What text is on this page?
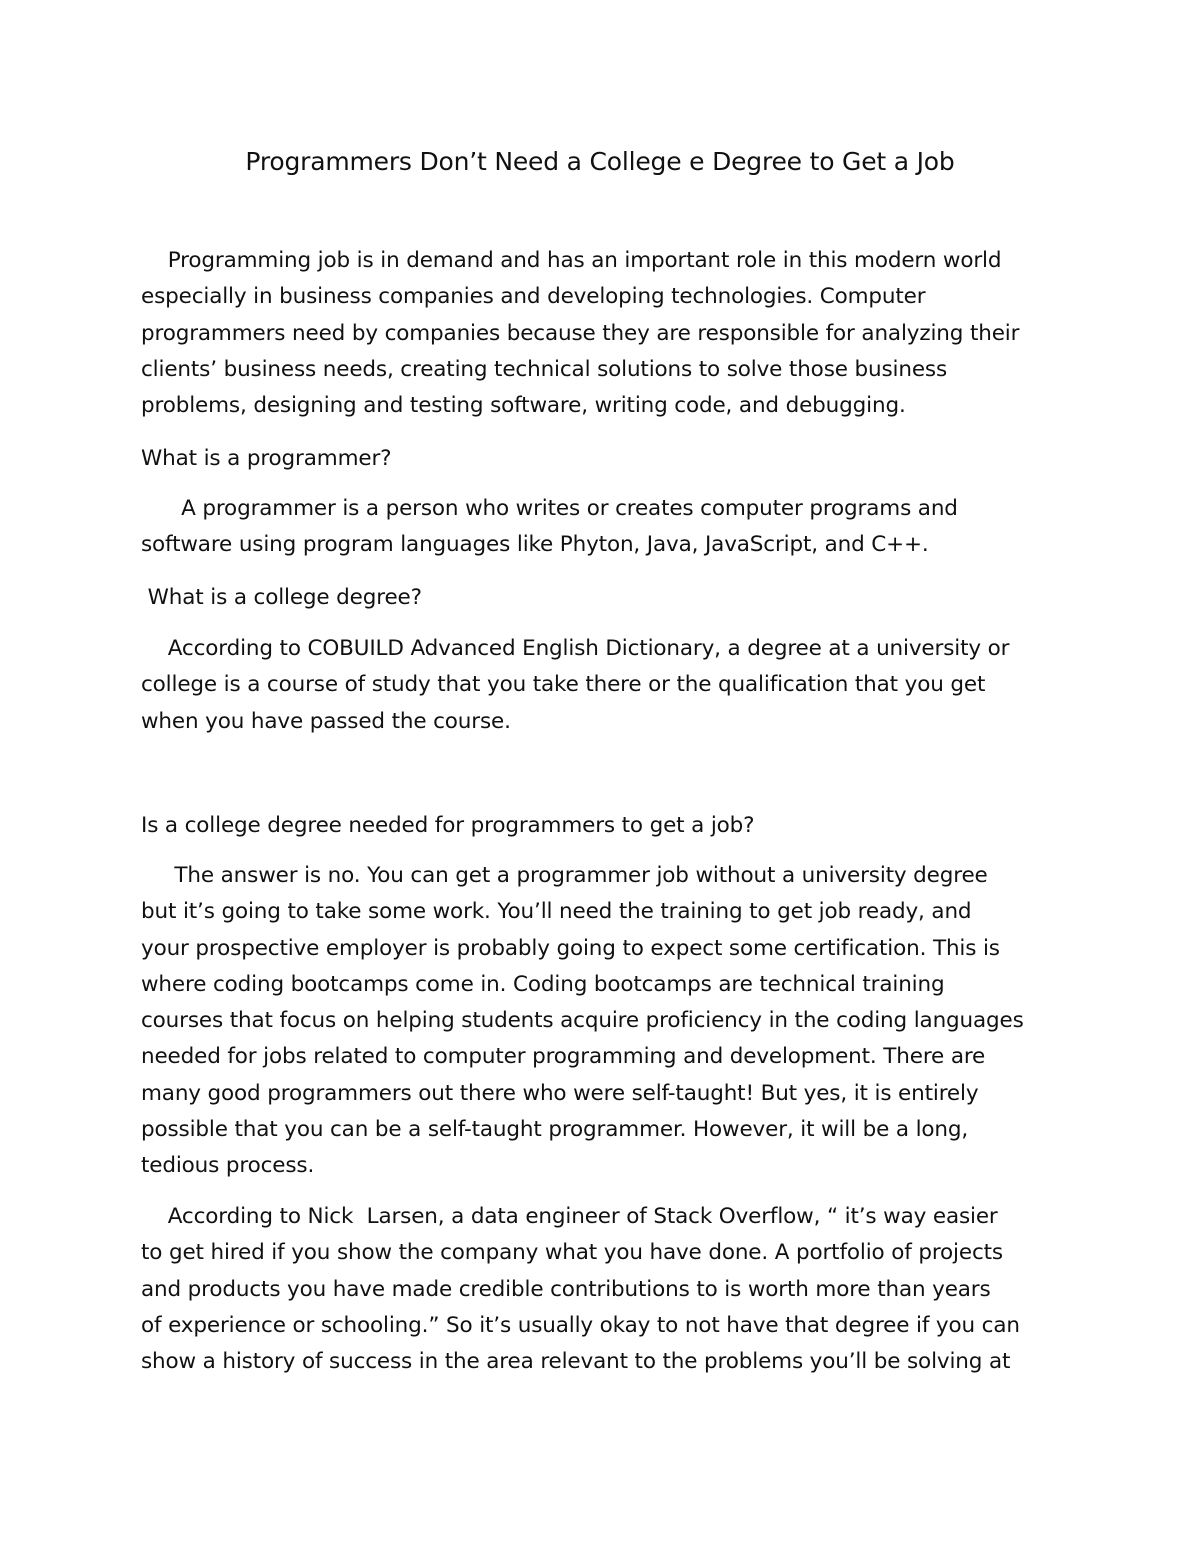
Programmers Don’t Need a College e Degree to Get a Job
Programming job is in demand and has an important role in this modern world
especially in business companies and developing technologies. Computer
programmers need by companies because they are responsible for analyzing their
clients’ business needs, creating technical solutions to solve those business
problems, designing and testing software, writing code, and debugging.
What is a programmer?
A programmer is a person who writes or creates computer programs and
software using program languages like Phyton, Java, JavaScript, and C++.
What is a college degree?
According to COBUILD Advanced English Dictionary, a degree at a university or
college is a course of study that you take there or the qualification that you get
when you have passed the course.
Is a college degree needed for programmers to get a job?
The answer is no. You can get a programmer job without a university degree
but it’s going to take some work. You’ll need the training to get job ready, and
your prospective employer is probably going to expect some certification. This is
where coding bootcamps come in. Coding bootcamps are technical training
courses that focus on helping students acquire proficiency in the coding languages
needed for jobs related to computer programming and development. There are
many good programmers out there who were self-taught! But yes, it is entirely
possible that you can be a self-taught programmer. However, it will be a long,
tedious process.
According to Nick  Larsen, a data engineer of Stack Overflow, “ it’s way easier
to get hired if you show the company what you have done. A portfolio of projects
and products you have made credible contributions to is worth more than years
of experience or schooling.” So it’s usually okay to not have that degree if you can
show a history of success in the area relevant to the problems you’ll be solving at
